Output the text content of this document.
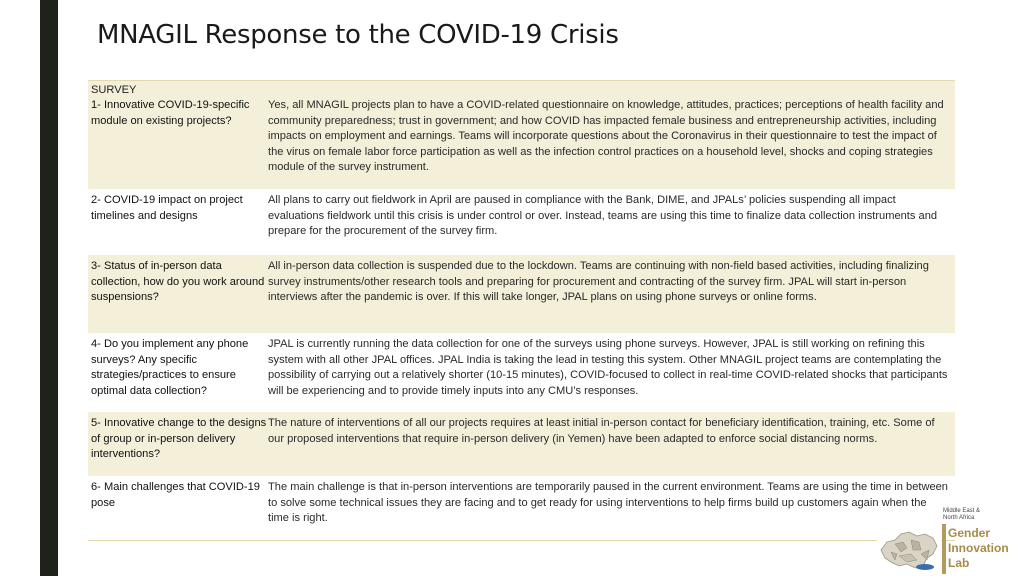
MNAGIL Response to the COVID-19 Crisis
SURVEY
1- Innovative COVID-19-specific module on existing projects?
Yes, all MNAGIL projects plan to have a COVID-related questionnaire on knowledge, attitudes, practices; perceptions of health facility and community preparedness; trust in government; and how COVID has impacted female business and entrepreneurship activities, including impacts on employment and earnings. Teams will incorporate questions about the Coronavirus in their questionnaire to test the impact of the virus on female labor force participation as well as the infection control practices on a household level, shocks and coping strategies module of the survey instrument.
2- COVID-19 impact on project timelines and designs
All plans to carry out fieldwork in April are paused in compliance with the Bank, DIME, and JPALs’ policies suspending all impact evaluations fieldwork until this crisis is under control or over. Instead, teams are using this time to finalize data collection instruments and prepare for the procurement of the survey firm.
3- Status of in-person data collection, how do you work around suspensions?
All in-person data collection is suspended due to the lockdown. Teams are continuing with non-field based activities, including finalizing survey instruments/other research tools and preparing for procurement and contracting of the survey firm. JPAL will start in-person interviews after the pandemic is over. If this will take longer, JPAL plans on using phone surveys or online forms.
4- Do you implement any phone surveys? Any specific strategies/practices to ensure optimal data collection?
JPAL is currently running the data collection for one of the surveys using phone surveys. However, JPAL is still working on refining this system with all other JPAL offices. JPAL India is taking the lead in testing this system. Other MNAGIL project teams are contemplating the possibility of carrying out a relatively shorter (10-15 minutes), COVID-focused to collect in real-time COVID-related shocks that participants will be experiencing and to provide timely inputs into any CMU’s responses.
5- Innovative change to the designs of group or in-person delivery interventions?
The nature of interventions of all our projects requires at least initial in-person contact for beneficiary identification, training, etc. Some of our proposed interventions that require in-person delivery (in Yemen) have been adapted to enforce social distancing norms.
6- Main challenges that COVID-19 pose
The main challenge is that in-person interventions are temporarily paused in the current environment. Teams are using the time in between to solve some technical issues they are facing and to get ready for using interventions to help firms build up customers again when the time is right.
Middle East &
North Africa
Gender
Innovation
Lab
